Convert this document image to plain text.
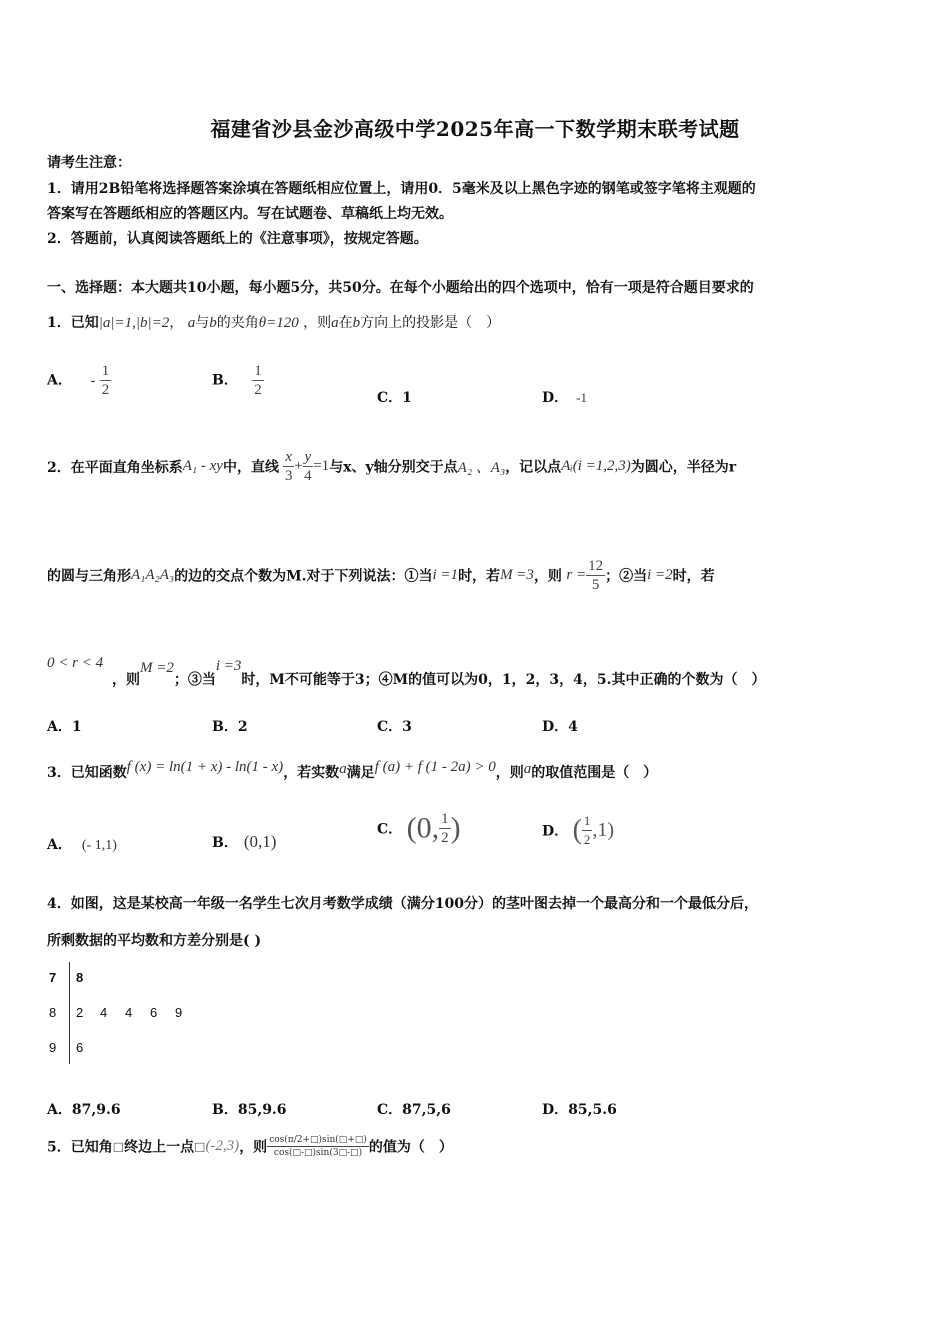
福建省沙县金沙高级中学2025年高一下数学期末联考试题
请考生注意：
1．请用2B铅笔将选择题答案涂填在答题纸相应位置上，请用0．5毫米及以上黑色字迹的钢笔或签字笔将主观题的
答案写在答题纸相应的答题区内。写在试题卷、草稿纸上均无效。
2．答题前，认真阅读答题纸上的《注意事项》，按规定答题。
一、选择题：本大题共10小题，每小题5分，共50分。在每个小题给出的四个选项中，恰有一项是符合题目要求的
1．已知|a|=1,|b|=2， a与b的夹角θ=120 ，则a在b方向上的投影是（　）
A． - $\frac{1}{2}$	B． $\frac{1}{2}$	C．1	D． -1
2．在平面直角坐标系A₁ - xy中，直线 $\frac{x}{3} + \frac{y}{4} =1$与x、y轴分别交于点A₂ 、A₃，记以点Aᵢ(i =1,2,3)为圆心，半径为r
的圆与三角形A₁A₂A₃的边的交点个数为M.对于下列说法：①当i =1时，若M =3，则 $r = \frac{12}{5}$ ；②当i =2时，若
0 < r < 4
，则M =2；③当i =3时，M不可能等于3；④M的值可以为0，1，2，3，4，5.其中正确的个数为（　）
A．1	B．2	C．3	D．4
3．已知函数f (x) = ln(1 + x) - ln(1 - x)，若实数a满足f (a) + f (1 - 2a) > 0，则a的取值范围是（　）
A． (- 1,1)	B． (0,1)
C． (0, $\frac{1}{2}$ )	D． ( $\frac{1}{2} ,1$)
4．如图，这是某校高一年级一名学生七次月考数学成绩（满分100分）的茎叶图去掉一个最高分和一个最低分后，
所剩数据的平均数和方差分别是( )
7 8
8 2 4 4 6 9
9 6
A．87,9.6	B．85,9.6	C．87,5,6	D．85,5.6
5．已知角□终边上一点□(-2,3)，则 $\frac{\cos(\pi/2+□)\sin(□+□)}{\cos(□-□)\sin(3□-□)}$ 的值为（　）
